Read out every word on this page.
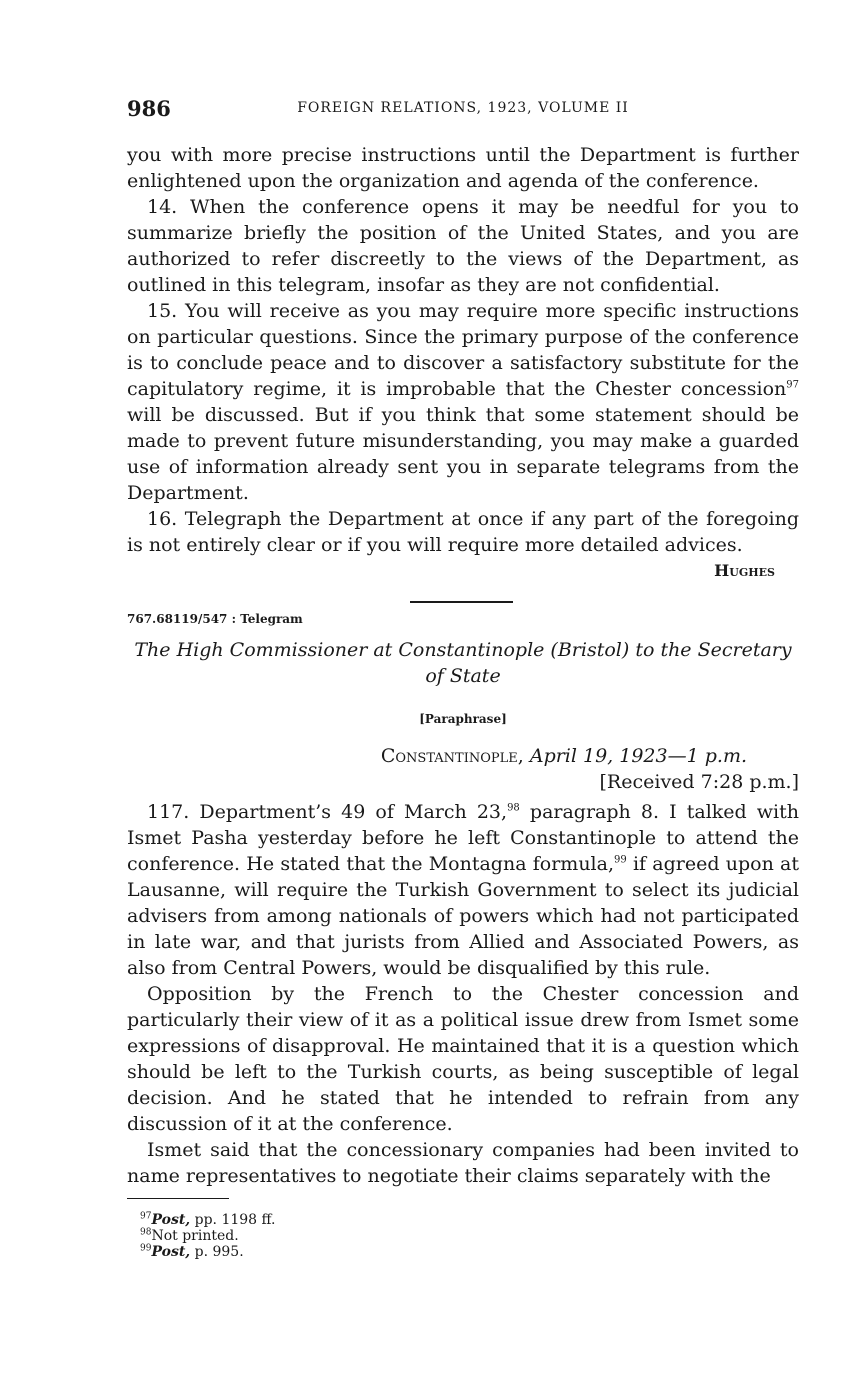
986	FOREIGN RELATIONS, 1923, VOLUME II

you with more precise instructions until the Department is further enlightened upon the organization and agenda of the conference.

14. When the conference opens it may be needful for you to summarize briefly the position of the United States, and you are authorized to refer discreetly to the views of the Department, as outlined in this telegram, insofar as they are not confidential.

15. You will receive as you may require more specific instructions on particular questions. Since the primary purpose of the conference is to conclude peace and to discover a satisfactory substitute for the capitulatory regime, it is improbable that the Chester concession$^{97}$ will be discussed. But if you think that some statement should be made to prevent future misunderstanding, you may make a guarded use of information already sent you in separate telegrams from the Department.

16. Telegraph the Department at once if any part of the foregoing is not entirely clear or if you will require more detailed advices.

Hughes
767.68119/547 : Telegram
The High Commissioner at Constantinople (Bristol) to the Secretary of State
[Paraphrase]
Constantinople, April 19, 1923—1 p.m.
[Received 7:28 p.m.]

117. Department’s 49 of March 23,98 paragraph 8. I talked with Ismet Pasha yesterday before he left Constantinople to attend the conference. He stated that the Montagna formula,$^{99}$ if agreed upon at Lausanne, will require the Turkish Government to select its judicial advisers from among nationals of powers which had not participated in late war, and that jurists from Allied and Associated Powers, as also from Central Powers, would be disqualified by this rule.

Opposition by the French to the Chester concession and particularly their view of it as a political issue drew from Ismet some expressions of disapproval. He maintained that it is a question which should be left to the Turkish courts, as being susceptible of legal decision. And he stated that he intended to refrain from any discussion of it at the conference.

Ismet said that the concessionary companies had been invited to name representatives to negotiate their claims separately with the

$^{97}$Post, pp. 1198 ff.
$^{98}$Not printed.
$^{99}$Post, p. 995.
